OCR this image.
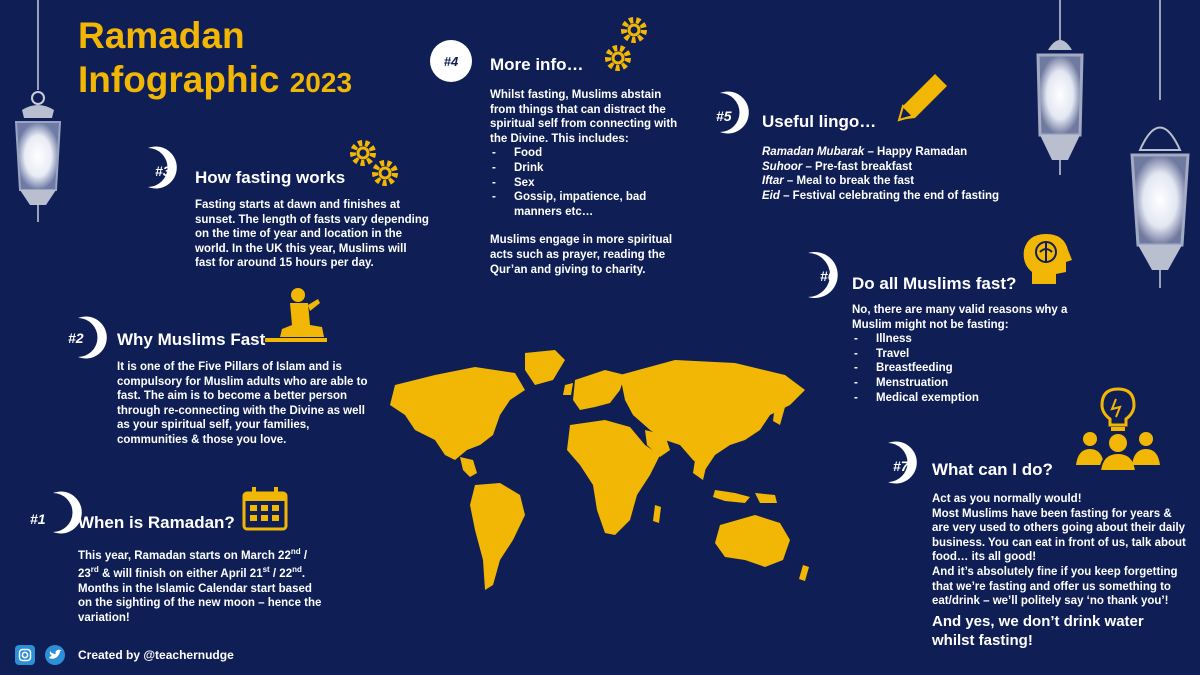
Ramadan
Infographic 2023
#3 How fasting works
Fasting starts at dawn and finishes at sunset. The length of fasts vary depending on the time of year and location in the world. In the UK this year, Muslims will fast for around 15 hours per day.
#2 Why Muslims Fast
It is one of the Five Pillars of Islam and is compulsory for Muslim adults who are able to fast. The aim is to become a better person through re-connecting with the Divine as well as your spiritual self, your families, communities & those you love.
#1 When is Ramadan?
This year, Ramadan starts on March 22nd / 23rd & will finish on either April 21st / 22nd. Months in the Islamic Calendar start based on the sighting of the new moon – hence the variation!
#4	More info…

Whilst fasting, Muslims abstain from things that can distract the spiritual self from connecting with the Divine. This includes:

- Food
- Drink
- Sex
- Gossip, impatience, bad manners etc…

Muslims engage in more spiritual acts such as prayer, reading the Qur’an and giving to charity.

#5 Useful lingo…

Ramadan Mubarak – Happy Ramadan

Suhoor – Pre-fast breakfast

Iftar – Meal to break the fast

Eid – Festival celebrating the end of fasting

#6 Do all Muslims fast?

No, there are many valid reasons why a Muslim might not be fasting:

- Illness
- Travel
- Breastfeeding
- Menstruation
- Medical exemption
#7 What can I do?

Act as you normally would!

Most Muslims have been fasting for years & are very used to others going about their daily business. You can eat in front of us, talk about food… its all good!

And it’s absolutely fine if you keep forgetting that we’re fasting and offer us something to eat/drink – we’ll politely say ‘no thank you’!

And yes, we don’t drink water whilst fasting!

Created by @teachernudge
